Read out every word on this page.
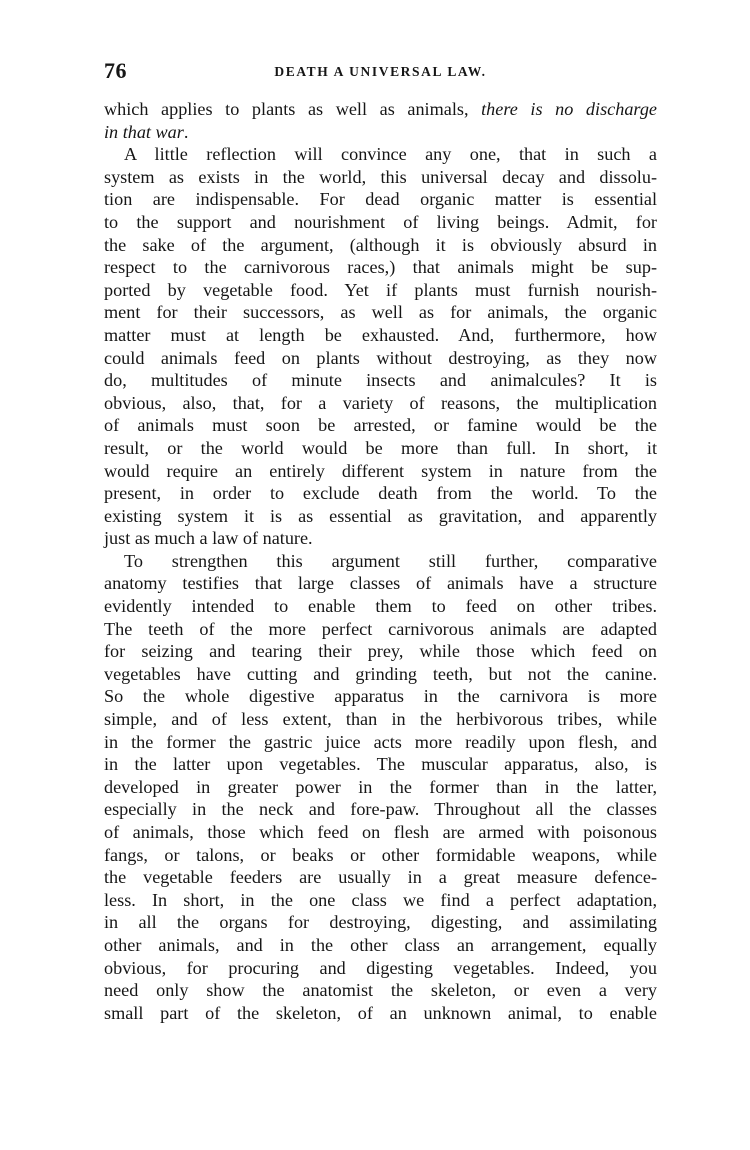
76	DEATH A UNIVERSAL LAW.
which applies to plants as well as animals, there is no discharge
in that war.
A little reflection will convince any one, that in such a
system as exists in the world, this universal decay and dissolu-
tion are indispensable. For dead organic matter is essential
to the support and nourishment of living beings. Admit, for
the sake of the argument, (although it is obviously absurd in
respect to the carnivorous races,) that animals might be sup-
ported by vegetable food. Yet if plants must furnish nourish-
ment for their successors, as well as for animals, the organic
matter must at length be exhausted. And, furthermore, how
could animals feed on plants without destroying, as they now
do, multitudes of minute insects and animalcules? It is
obvious, also, that, for a variety of reasons, the multiplication
of animals must soon be arrested, or famine would be the
result, or the world would be more than full. In short, it
would require an entirely different system in nature from the
present, in order to exclude death from the world. To the
existing system it is as essential as gravitation, and apparently
just as much a law of nature.
To strengthen this argument still further, comparative
anatomy testifies that large classes of animals have a structure
evidently intended to enable them to feed on other tribes.
The teeth of the more perfect carnivorous animals are adapted
for seizing and tearing their prey, while those which feed on
vegetables have cutting and grinding teeth, but not the canine.
So the whole digestive apparatus in the carnivora is more
simple, and of less extent, than in the herbivorous tribes, while
in the former the gastric juice acts more readily upon flesh, and
in the latter upon vegetables. The muscular apparatus, also, is
developed in greater power in the former than in the latter,
especially in the neck and fore-paw. Throughout all the classes
of animals, those which feed on flesh are armed with poisonous
fangs, or talons, or beaks or other formidable weapons, while
the vegetable feeders are usually in a great measure defence-
less. In short, in the one class we find a perfect adaptation,
in all the organs for destroying, digesting, and assimilating
other animals, and in the other class an arrangement, equally
obvious, for procuring and digesting vegetables. Indeed, you
need only show the anatomist the skeleton, or even a very
small part of the skeleton, of an unknown animal, to enable
